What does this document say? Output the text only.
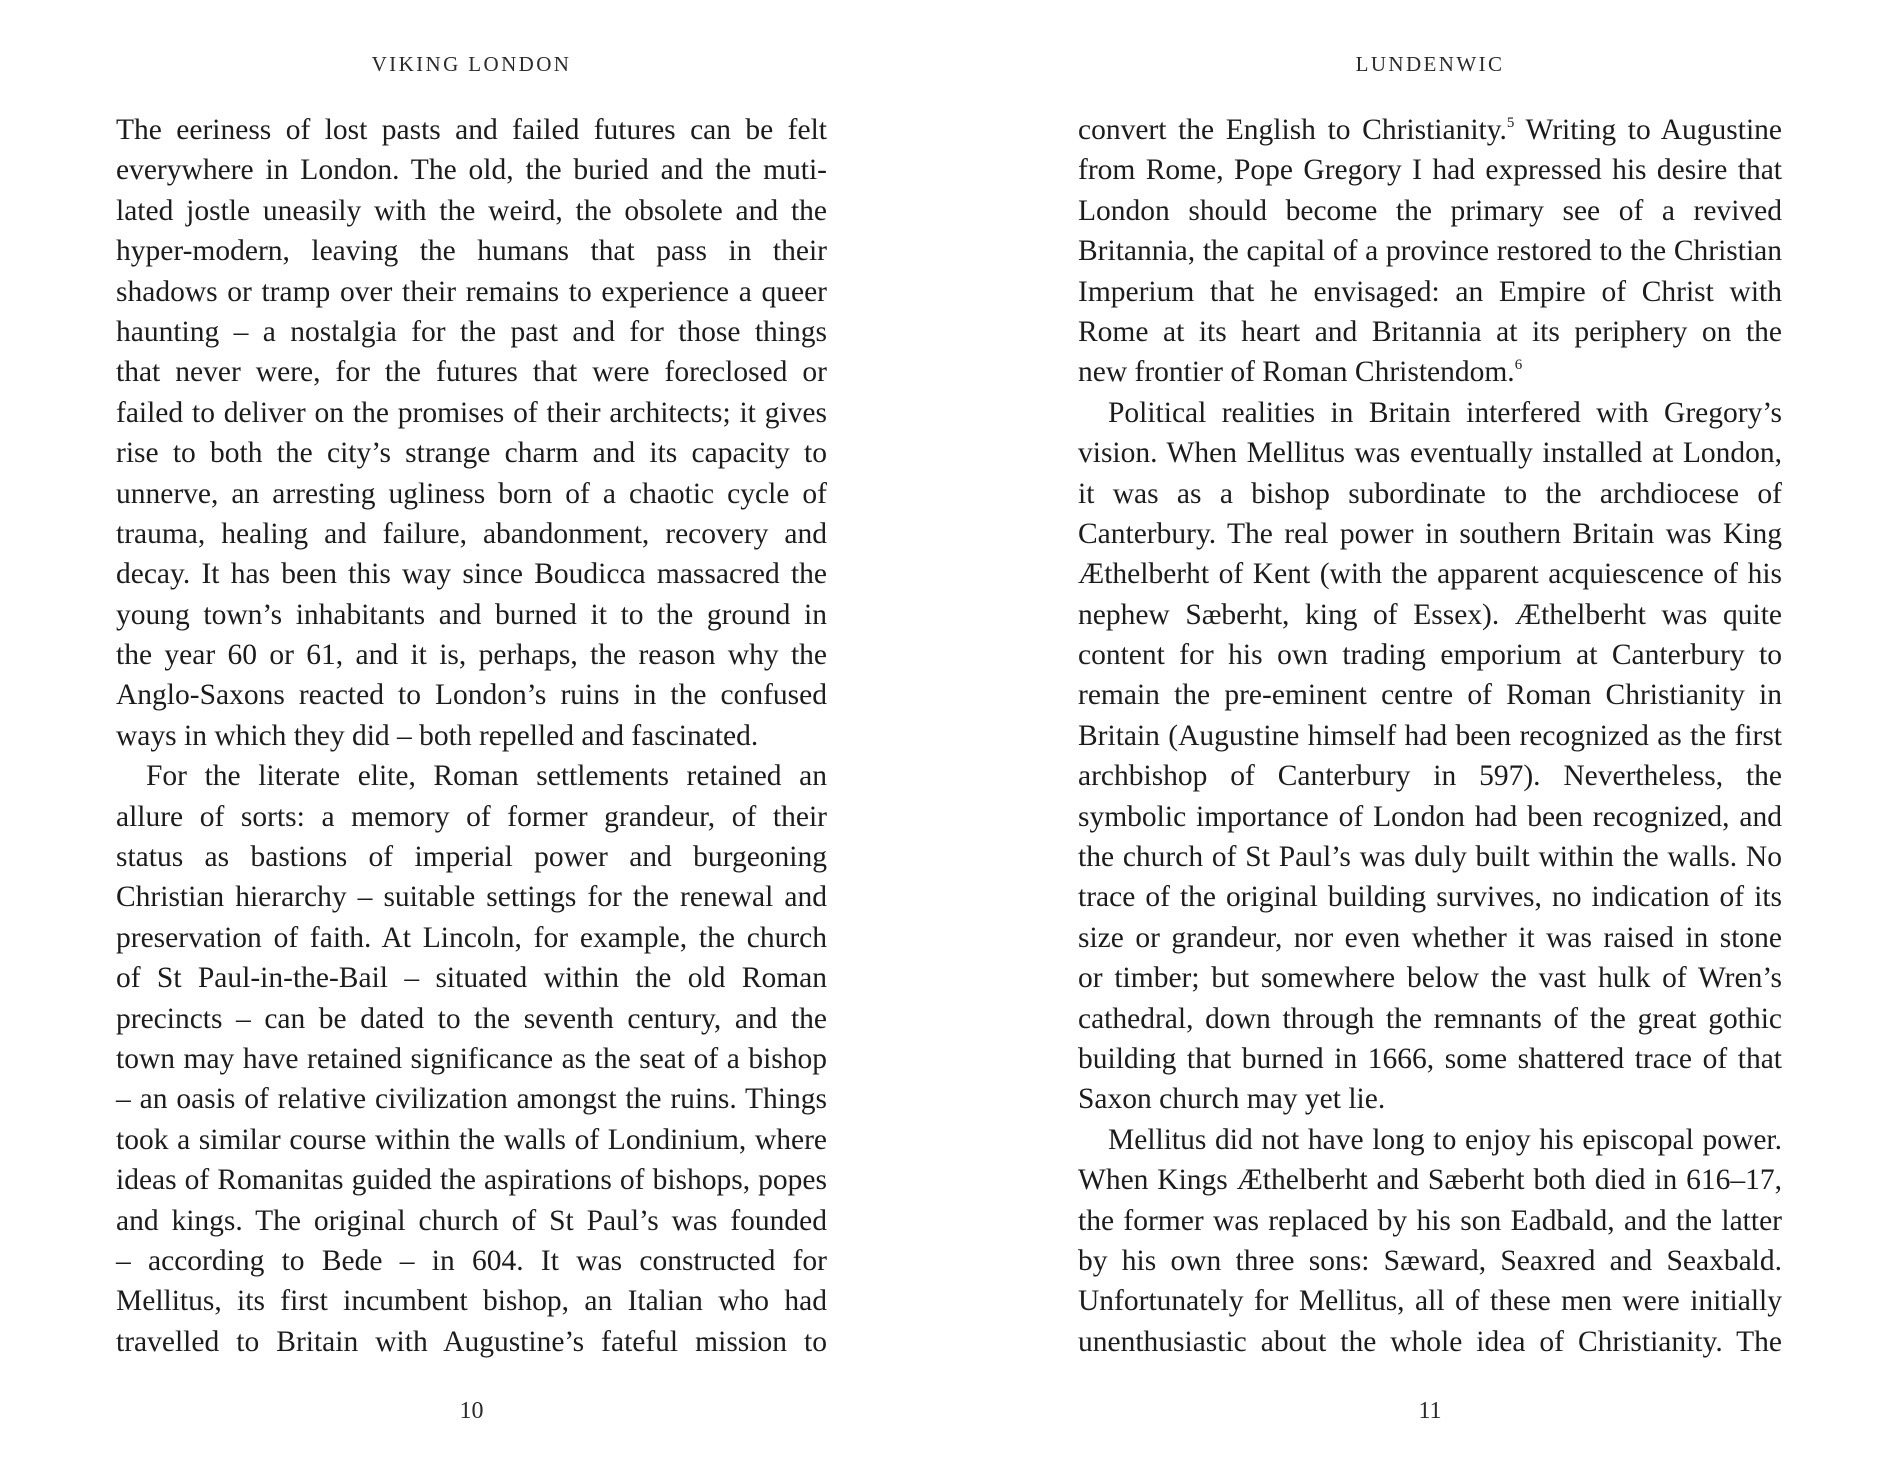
VIKING LONDON
The eeriness of lost pasts and failed futures can be felt
everywhere in London. The old, the buried and the muti-
lated jostle uneasily with the weird, the obsolete and the
hyper-modern, leaving the humans that pass in their
shadows or tramp over their remains to experience a queer
haunting – a nostalgia for the past and for those things
that never were, for the futures that were foreclosed or
failed to deliver on the promises of their architects; it gives
rise to both the city’s strange charm and its capacity to
unnerve, an arresting ugliness born of a chaotic cycle of
trauma, healing and failure, abandonment, recovery and
decay. It has been this way since Boudicca massacred the
young town’s inhabitants and burned it to the ground in
the year 60 or 61, and it is, perhaps, the reason why the
Anglo-Saxons reacted to London’s ruins in the confused
ways in which they did – both repelled and fascinated.
For the literate elite, Roman settlements retained an
allure of sorts: a memory of former grandeur, of their
status as bastions of imperial power and burgeoning
Christian hierarchy – suitable settings for the renewal and
preservation of faith. At Lincoln, for example, the church
of St Paul-in-the-Bail – situated within the old Roman
precincts – can be dated to the seventh century, and the
town may have retained significance as the seat of a bishop
– an oasis of relative civilization amongst the ruins. Things
took a similar course within the walls of Londinium, where
ideas of Romanitas guided the aspirations of bishops, popes
and kings. The original church of St Paul’s was founded
– according to Bede – in 604. It was constructed for
Mellitus, its first incumbent bishop, an Italian who had
travelled to Britain with Augustine’s fateful mission to
10
LUNDENWIC
convert the English to Christianity.$^5$ Writing to Augustine
from Rome, Pope Gregory I had expressed his desire that
London should become the primary see of a revived
Britannia, the capital of a province restored to the Christian
Imperium that he envisaged: an Empire of Christ with
Rome at its heart and Britannia at its periphery on the
new frontier of Roman Christendom.$^6$
Political realities in Britain interfered with Gregory’s
vision. When Mellitus was eventually installed at London,
it was as a bishop subordinate to the archdiocese of
Canterbury. The real power in southern Britain was King
Æthelberht of Kent (with the apparent acquiescence of his
nephew Sæberht, king of Essex). Æthelberht was quite
content for his own trading emporium at Canterbury to
remain the pre-eminent centre of Roman Christianity in
Britain (Augustine himself had been recognized as the first
archbishop of Canterbury in 597). Nevertheless, the
symbolic importance of London had been recognized, and
the church of St Paul’s was duly built within the walls. No
trace of the original building survives, no indication of its
size or grandeur, nor even whether it was raised in stone
or timber; but somewhere below the vast hulk of Wren’s
cathedral, down through the remnants of the great gothic
building that burned in 1666, some shattered trace of that
Saxon church may yet lie.
Mellitus did not have long to enjoy his episcopal power.
When Kings Æthelberht and Sæberht both died in 616–17,
the former was replaced by his son Eadbald, and the latter
by his own three sons: Sæward, Seaxred and Seaxbald.
Unfortunately for Mellitus, all of these men were initially
unenthusiastic about the whole idea of Christianity. The
11
